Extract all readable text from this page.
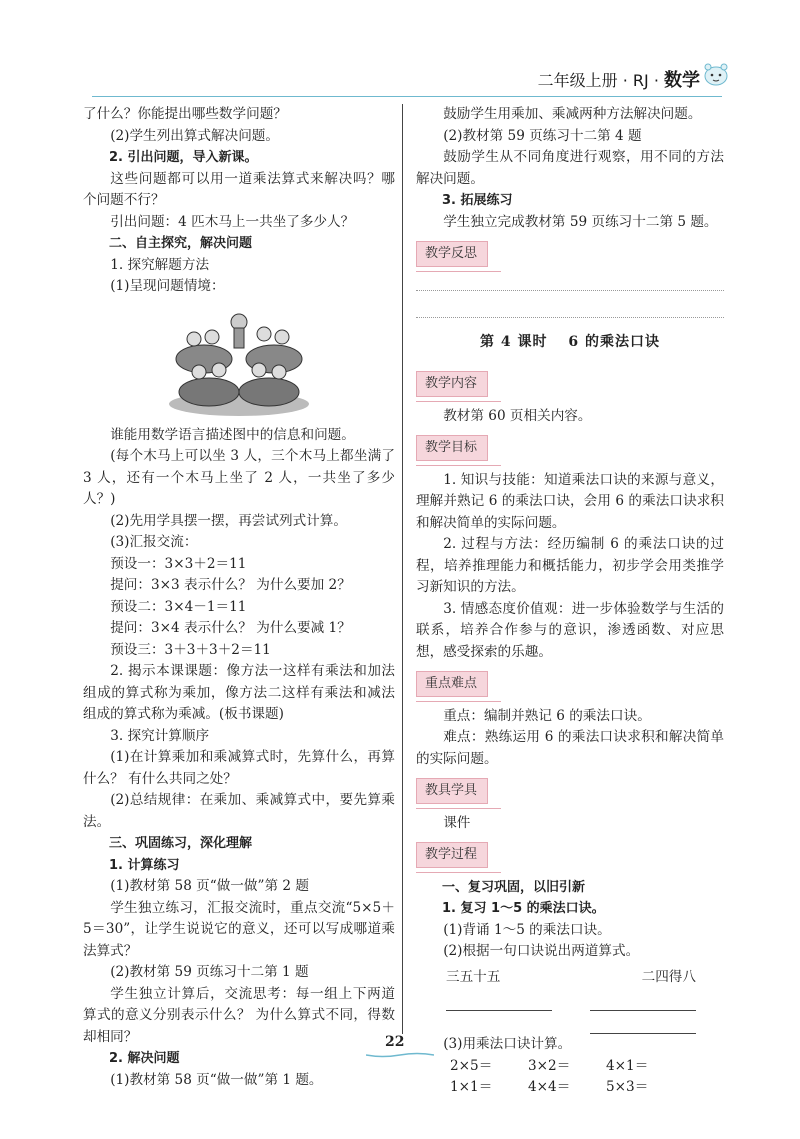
二年级上册 · RJ · 数学

了什么？你能提出哪些数学问题？

(2)学生列出算式解决问题。

2. 引出问题，导入新课。

这些问题都可以用一道乘法算式来解决吗？哪个问题不行？

引出问题：4 匹木马上一共坐了多少人？

二、自主探究，解决问题

1. 探究解题方法

(1)呈现问题情境：

谁能用数学语言描述图中的信息和问题。

(每个木马上可以坐 3 人，三个木马上都坐满了 3 人，还有一个木马上坐了 2 人，一共坐了多少人？)

(2)先用学具摆一摆，再尝试列式计算。

(3)汇报交流：

预设一：3×3＋2＝11

提问：3×3 表示什么？ 为什么要加 2？

预设二：3×4－1＝11

提问：3×4 表示什么？ 为什么要减 1？

预设三：3＋3＋3＋2＝11

2. 揭示本课课题：像方法一这样有乘法和加法组成的算式称为乘加，像方法二这样有乘法和减法组成的算式称为乘减。(板书课题)

3. 探究计算顺序

(1)在计算乘加和乘减算式时，先算什么，再算什么？ 有什么共同之处？

(2)总结规律：在乘加、乘减算式中，要先算乘法。

三、巩固练习，深化理解

1. 计算练习

(1)教材第 58 页“做一做”第 2 题

学生独立练习，汇报交流时，重点交流“5×5＋5＝30”，让学生说说它的意义，还可以写成哪道乘法算式？

(2)教材第 59 页练习十二第 1 题

学生独立计算后，交流思考：每一组上下两道算式的意义分别表示什么？ 为什么算式不同，得数却相同？

2. 解决问题

(1)教材第 58 页“做一做”第 1 题。

鼓励学生用乘加、乘减两种方法解决问题。

(2)教材第 59 页练习十二第 4 题

鼓励学生从不同角度进行观察，用不同的方法解决问题。

3. 拓展练习

学生独立完成教材第 59 页练习十二第 5 题。

教学反思

第 4 课时　 6 的乘法口诀

教学内容

教材第 60 页相关内容。

教学目标

1. 知识与技能：知道乘法口诀的来源与意义，理解并熟记 6 的乘法口诀，会用 6 的乘法口诀求积和解决简单的实际问题。

2. 过程与方法：经历编制 6 的乘法口诀的过程，培养推理能力和概括能力，初步学会用类推学习新知识的方法。

3. 情感态度价值观：进一步体验数学与生活的联系，培养合作参与的意识，渗透函数、对应思想，感受探索的乐趣。

重点难点

重点：编制并熟记 6 的乘法口诀。

难点：熟练运用 6 的乘法口诀求积和解决简单的实际问题。

教具学具

课件

教学过程

一、复习巩固，以旧引新

1. 复习 1～5 的乘法口诀。

(1)背诵 1～5 的乘法口诀。

(2)根据一句口诀说出两道算式。

三五十五	二四得八

(3)用乘法口诀计算。

2×5＝	3×2＝	4×1＝
1×1＝	4×4＝	5×3＝
22
